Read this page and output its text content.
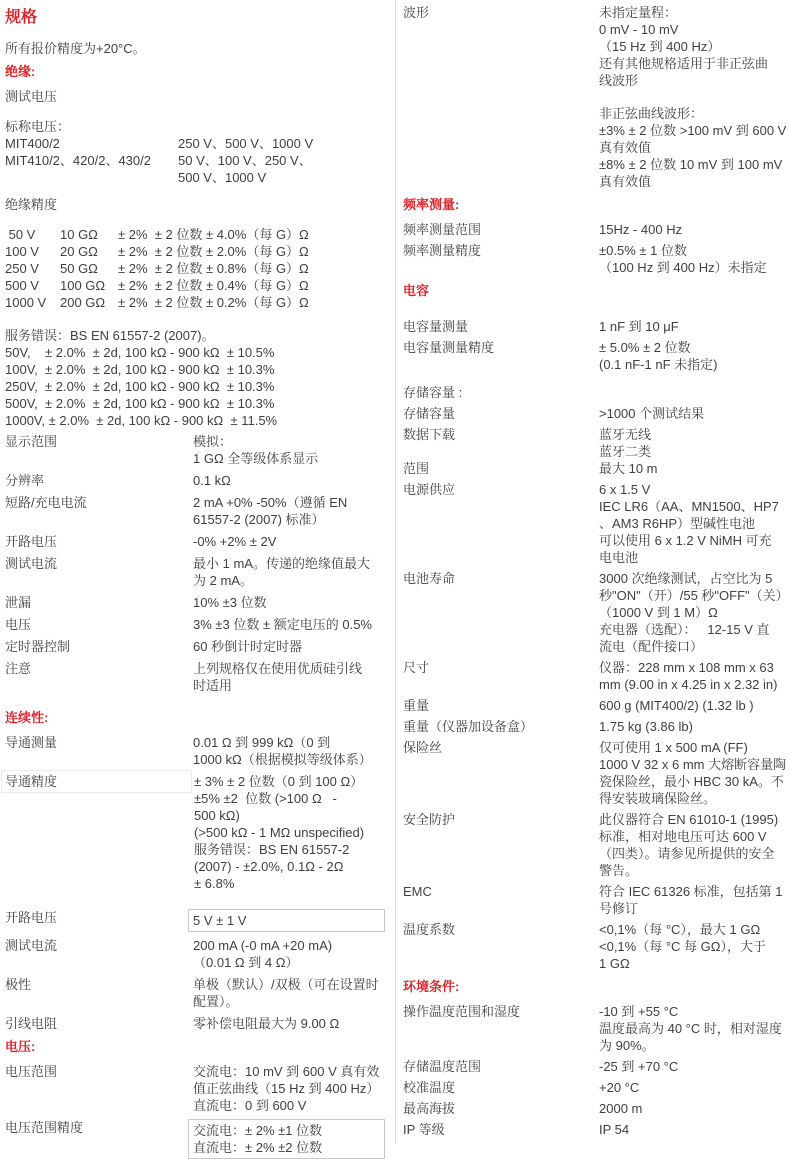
规格
所有报价精度为+20°C。
绝缘:
测试电压
标称电压：
MIT400/2	250 V、500 V、1000 V
MIT410/2、420/2、430/2	50 V、100 V、250 V、
500 V、1000 V
绝缘精度
50 V	10 GΩ	± 2%  ± 2 位数 ± 4.0%（每 G）Ω
100 V	20 GΩ	± 2%  ± 2 位数 ± 2.0%（每 G）Ω
250 V	50 GΩ	± 2%  ± 2 位数 ± 0.8%（每 G）Ω
500 V	100 GΩ ± 2%  ± 2 位数 ± 0.4%（每 G）Ω
1000 V	200 GΩ ± 2%  ± 2 位数 ± 0.2%（每 G）Ω
服务错误：BS EN 61557-2 (2007)。
50V,    ± 2.0%  ± 2d, 100 kΩ - 900 kΩ  ± 10.5%
100V,  ± 2.0%  ± 2d, 100 kΩ - 900 kΩ  ± 10.3%
250V,  ± 2.0%  ± 2d, 100 kΩ - 900 kΩ  ± 10.3%
500V,  ± 2.0%  ± 2d, 100 kΩ - 900 kΩ  ± 10.3%
1000V, ± 2.0%  ± 2d, 100 kΩ - 900 kΩ  ± 11.5%
显示范围	模拟：
1 GΩ 全等级体系显示
分辨率	0.1 kΩ
短路/充电电流	2 mA +0% -50%（遵循 EN
61557-2 (2007) 标准）
开路电压	-0% +2% ± 2V
测试电流	最小 1 mA。传递的绝缘值最大
为 2 mA。
泄漏	10% ±3 位数
电压	3% ±3 位数 ± 额定电压的 0.5%
定时器控制	60 秒倒计时定时器
注意	上列规格仅在使用优质硅引线
时适用
连续性:
导通测量	0.01 Ω 到 999 kΩ（0 到
1000 kΩ（根据模拟等级体系）
导通精度	± 3% ± 2 位数（0 到 100 Ω）
±5% ±2  位数 (>100 Ω   -
500 kΩ)
(>500 kΩ - 1 MΩ unspecified)
服务错误：BS EN 61557-2
(2007) - ±2.0%, 0.1Ω - 2Ω
± 6.8%
开路电压	5 V ± 1 V
测试电流	200 mA (-0 mA +20 mA)
（0.01 Ω 到 4 Ω）
极性	单极（默认）/双极（可在设置时
配置）。
引线电阻	零补偿电阻最大为 9.00 Ω
电压:
电压范围	交流电：10 mV 到 600 V 真有效
值正弦曲线（15 Hz 到 400 Hz）
直流电：0 到 600 V
电压范围精度	交流电：± 2% ±1 位数
直流电：± 2% ±2 位数
波形	未指定量程：
0 mV - 10 mV
（15 Hz 到 400 Hz）
还有其他规格适用于非正弦曲
线波形
非正弦曲线波形：
±3% ± 2 位数 >100 mV 到 600 V
真有效值
±8% ± 2 位数 10 mV 到 100 mV
真有效值
频率测量:
频率测量范围	15Hz - 400 Hz
频率测量精度	±0.5% ± 1 位数
（100 Hz 到 400 Hz）未指定
电容
电容量测量	1 nF 到 10 μF
电容量测量精度	± 5.0% ± 2 位数
(0.1 nF-1 nF 未指定)
存储容量 :
存储容量	>1000 个测试结果
数据下载	蓝牙无线
蓝牙二类
范围	最大 10 m
电源供应	6 x 1.5 V
IEC LR6（AA、MN1500、HP7
、AM3 R6HP）型碱性电池
可以使用 6 x 1.2 V NiMH 可充
电电池
电池寿命	3000 次绝缘测试，占空比为 5
秒"ON"（开）/55 秒"OFF"（关）
（1000 V 到 1 M）Ω
充电器（选配）：   12-15 V 直
流电（配件接口）
尺寸	仪器：228 mm x 108 mm x 63
mm (9.00 in x 4.25 in x 2.32 in)
重量	600 g (MIT400/2) (1.32 lb )
重量（仪器加设备盒）	1.75 kg (3.86 lb)
保险丝	仅可使用 1 x 500 mA (FF)
1000 V 32 x 6 mm 大熔断容量陶
瓷保险丝，最小 HBC 30 kA。不
得安装玻璃保险丝。
安全防护	此仪器符合 EN 61010-1 (1995)
标准，相对地电压可达 600 V
（四类）。请参见所提供的安全
警告。
EMC	符合 IEC 61326 标准，包括第 1
号修订
温度系数	<0,1%（每 °C），最大 1 GΩ
<0,1%（每 °C 每 GΩ），大于
1 GΩ
环境条件:
操作温度范围和湿度	-10 到 +55 °C
温度最高为 40 °C 时，相对湿度
为 90%。
存储温度范围	-25 到 +70 °C
校准温度	+20 °C
最高海拔	2000 m
IP 等级	IP 54
